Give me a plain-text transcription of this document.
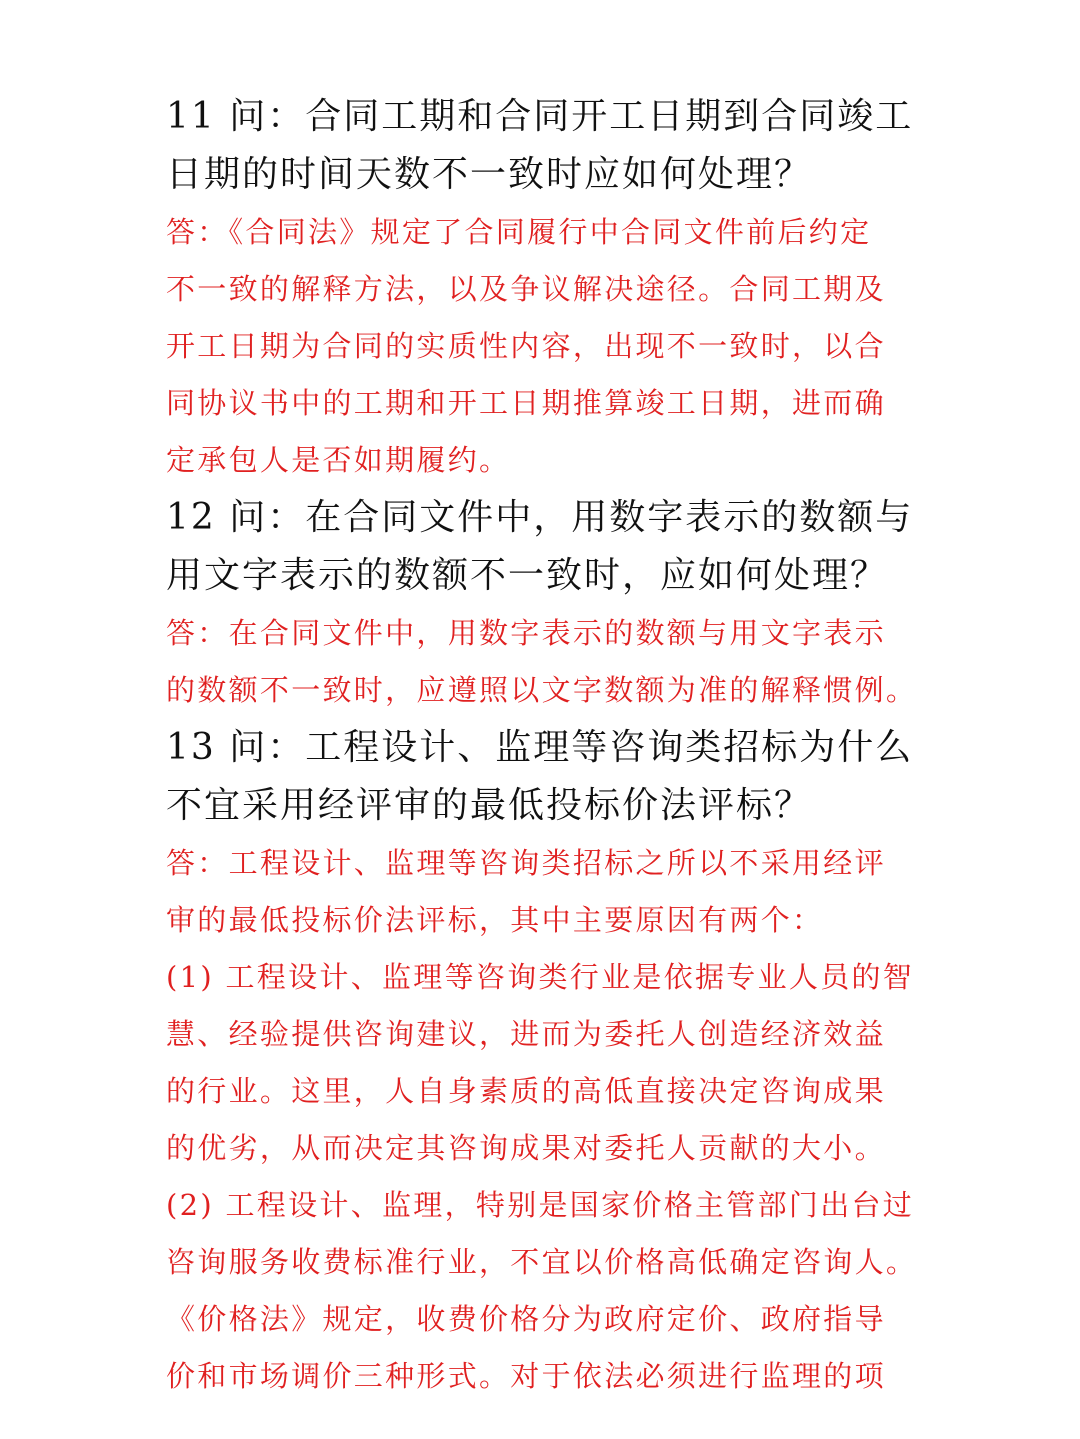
11 问：合同工期和合同开工日期到合同竣工
日期的时间天数不一致时应如何处理？
答：《合同法》规定了合同履行中合同文件前后约定
不一致的解释方法，以及争议解决途径。合同工期及
开工日期为合同的实质性内容，出现不一致时，以合
同协议书中的工期和开工日期推算竣工日期，进而确
定承包人是否如期履约。
12 问：在合同文件中，用数字表示的数额与
用文字表示的数额不一致时，应如何处理？
答：在合同文件中，用数字表示的数额与用文字表示
的数额不一致时，应遵照以文字数额为准的解释惯例。
13 问：工程设计、监理等咨询类招标为什么
不宜采用经评审的最低投标价法评标？
答：工程设计、监理等咨询类招标之所以不采用经评
审的最低投标价法评标，其中主要原因有两个：
(1) 工程设计、监理等咨询类行业是依据专业人员的智
慧、经验提供咨询建议，进而为委托人创造经济效益
的行业。这里，人自身素质的高低直接决定咨询成果
的优劣，从而决定其咨询成果对委托人贡献的大小。
(2) 工程设计、监理，特别是国家价格主管部门出台过
咨询服务收费标准行业，不宜以价格高低确定咨询人。
《价格法》规定，收费价格分为政府定价、政府指导
价和市场调价三种形式。对于依法必须进行监理的项
